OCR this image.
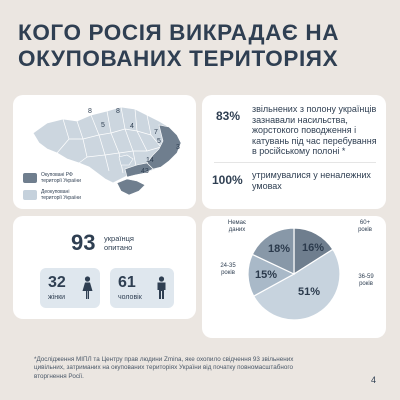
КОГО РОСІЯ ВИКРАДАЄ НА
ОКУПОВАНИХ ТЕРИТОРІЯХ
8	8
5	4
7
5
3
14
43
Окуповані РФ території України
Деокуповані території України
83% звільнених з полону українців
зазнавали насильства,
жорстокого поводження і
катувань під час перебування
в російському полоні *
100% утримувалися у неналежних
умовах
93 українця
опитано
32
жінки
61
чоловік
16%
51%
15%
18%
60+
років
36-59
років
24-35
років
Немає
даних
*Дослідження МІПЛ та Центру прав людини Zmina, яке охопило свідчення 93 звільнених
цивільних, затриманих на окупованих територіях України від початку повномасштабного
вторгнення Росії.	4
